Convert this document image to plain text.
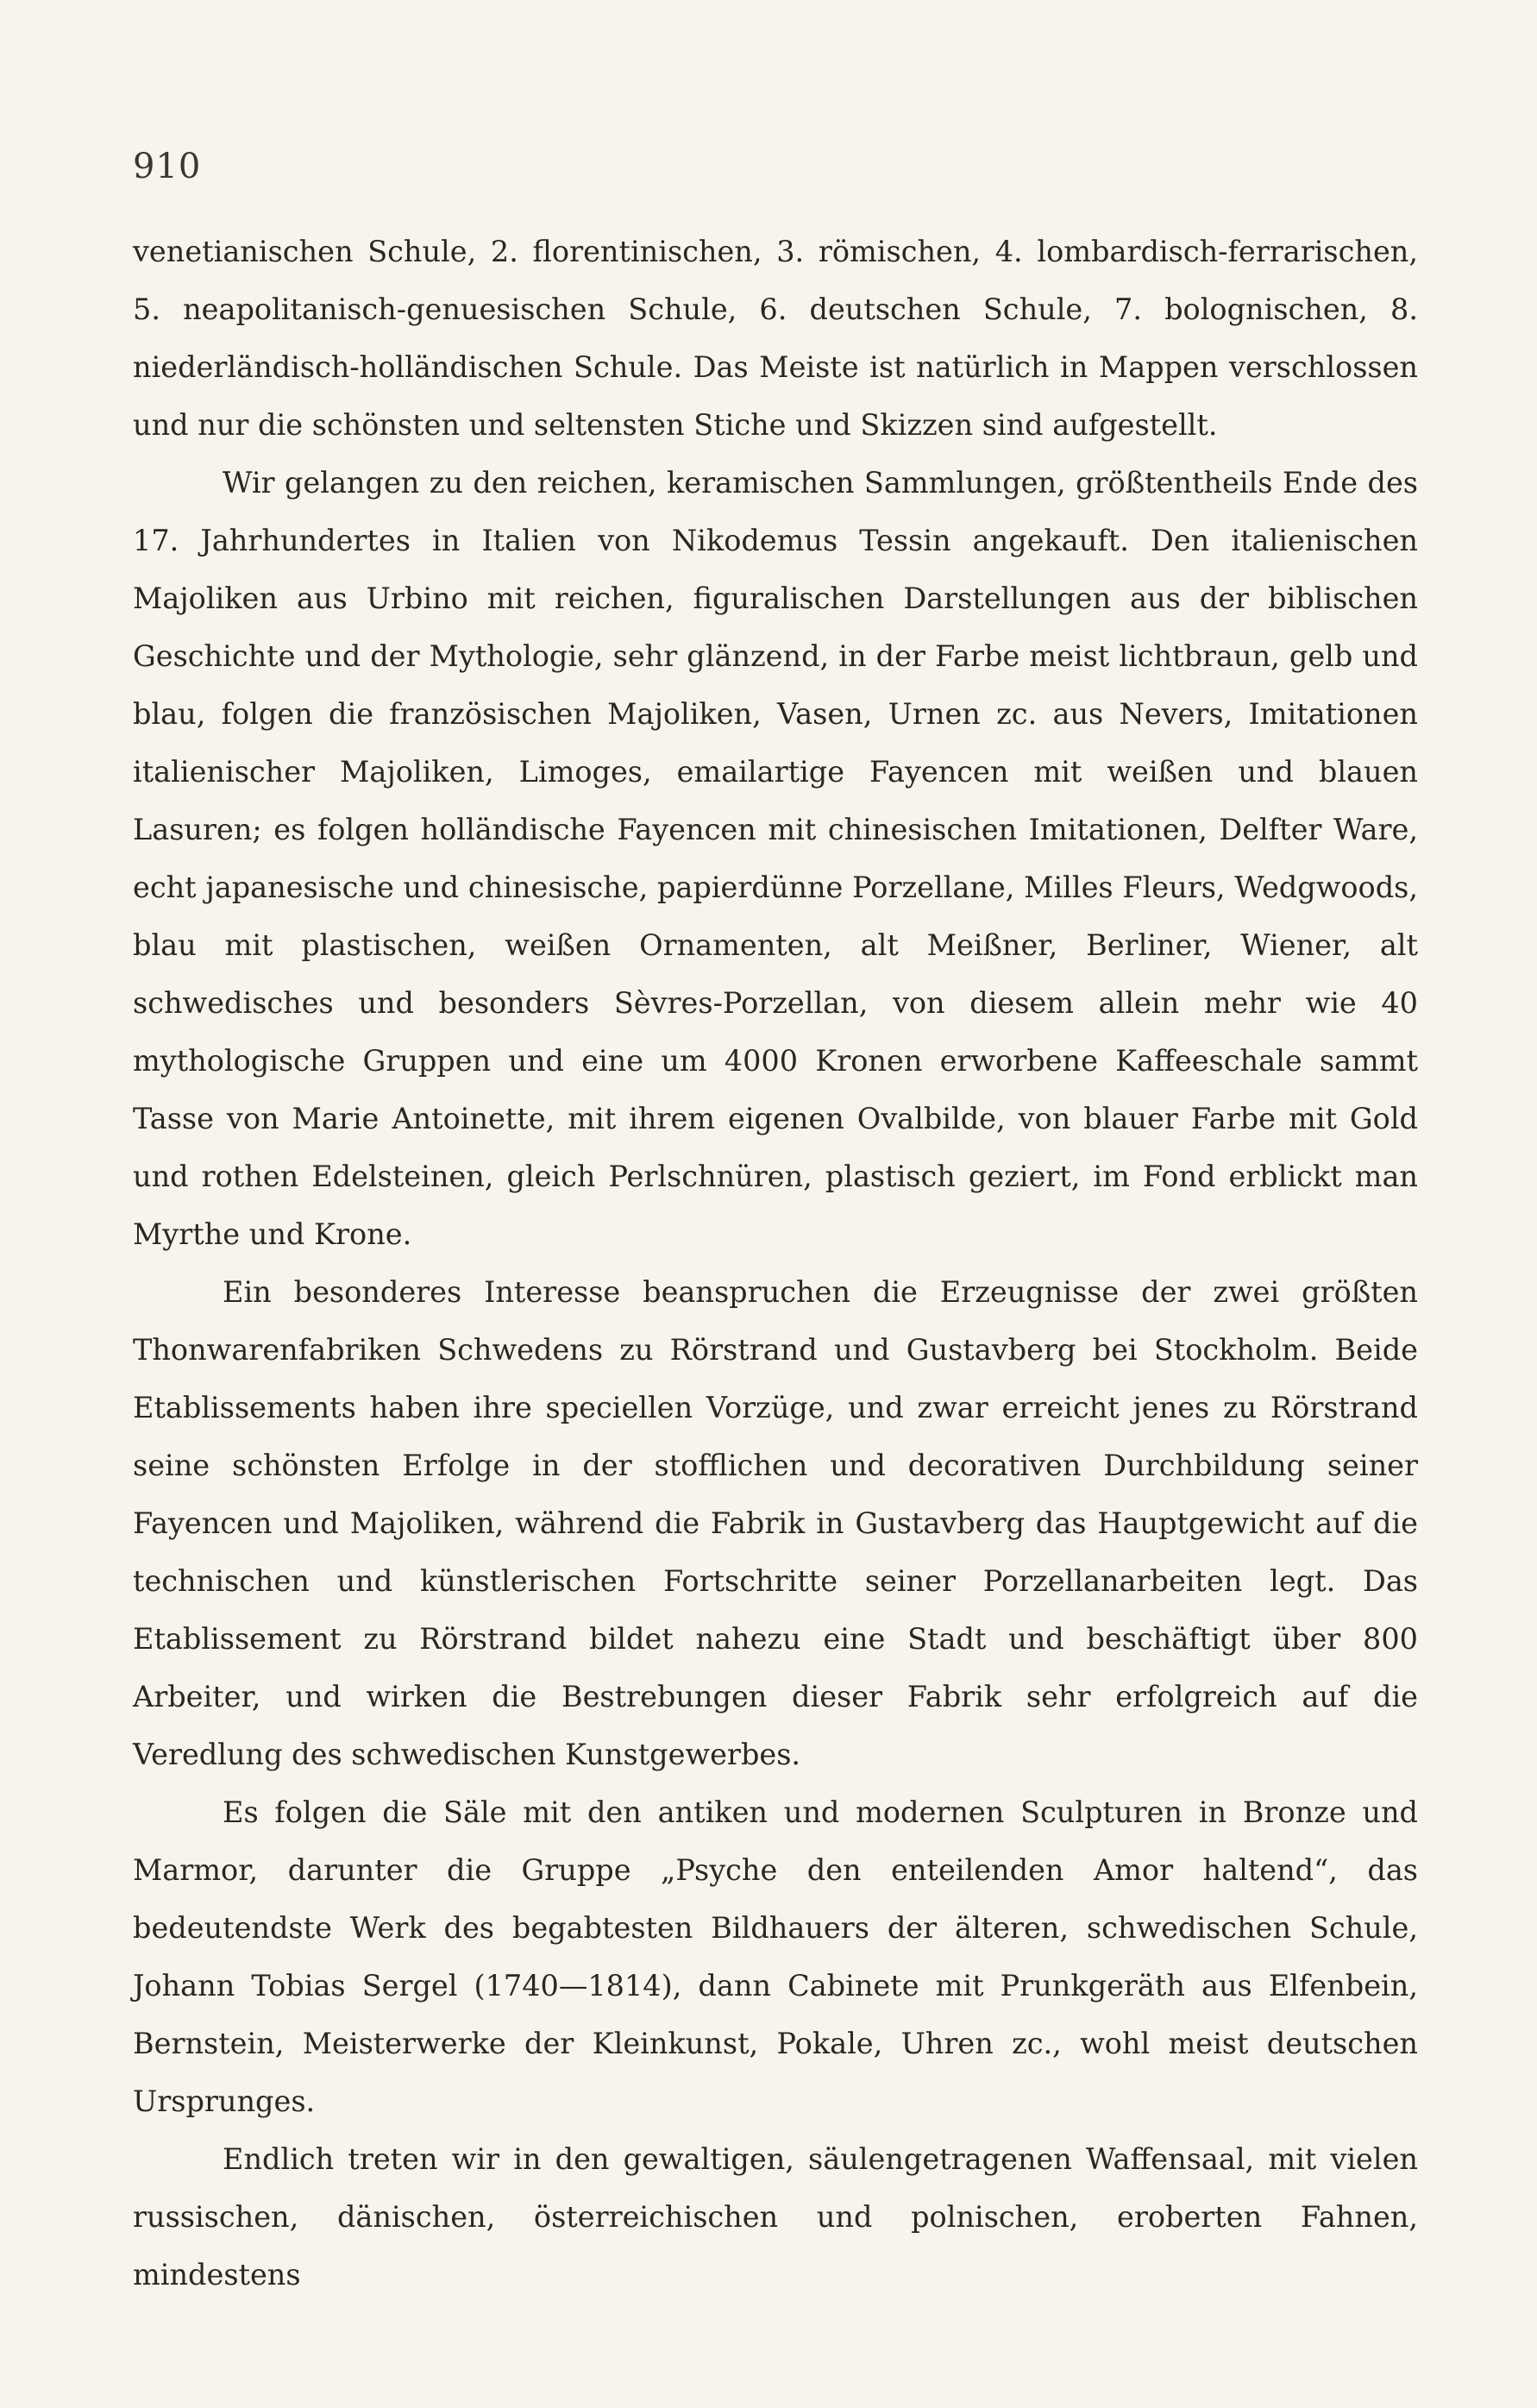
910

venetianischen Schule, 2. florentinischen, 3. römischen, 4. lombardisch-ferrarischen, 5. neapolitanisch-genuesischen Schule, 6. deutschen Schule, 7. bolognischen, 8. niederländisch-holländischen Schule. Das Meiste ist natürlich in Mappen verschlossen und nur die schönsten und seltensten Stiche und Skizzen sind aufgestellt.

Wir gelangen zu den reichen, keramischen Sammlungen, größtentheils Ende des 17. Jahrhundertes in Italien von Nikodemus Tessin angekauft. Den italienischen Majoliken aus Urbino mit reichen, figuralischen Darstellungen aus der biblischen Geschichte und der Mythologie, sehr glänzend, in der Farbe meist lichtbraun, gelb und blau, folgen die französischen Majoliken, Vasen, Urnen zc. aus Nevers, Imitationen italienischer Majoliken, Limoges, emailartige Fayencen mit weißen und blauen Lasuren; es folgen holländische Fayencen mit chinesischen Imitationen, Delfter Ware, echt japanesische und chinesische, papierdünne Porzellane, Milles Fleurs, Wedgwoods, blau mit plastischen, weißen Ornamenten, alt Meißner, Berliner, Wiener, alt schwedisches und besonders Sèvres-Porzellan, von diesem allein mehr wie 40 mythologische Gruppen und eine um 4000 Kronen erworbene Kaffeeschale sammt Tasse von Marie Antoinette, mit ihrem eigenen Ovalbilde, von blauer Farbe mit Gold und rothen Edelsteinen, gleich Perlschnüren, plastisch geziert, im Fond erblickt man Myrthe und Krone.

Ein besonderes Interesse beanspruchen die Erzeugnisse der zwei größten Thonwarenfabriken Schwedens zu Rörstrand und Gustavberg bei Stockholm. Beide Etablissements haben ihre speciellen Vorzüge, und zwar erreicht jenes zu Rörstrand seine schönsten Erfolge in der stofflichen und decorativen Durchbildung seiner Fayencen und Majoliken, während die Fabrik in Gustavberg das Hauptgewicht auf die technischen und künstlerischen Fortschritte seiner Porzellanarbeiten legt. Das Etablissement zu Rörstrand bildet nahezu eine Stadt und beschäftigt über 800 Arbeiter, und wirken die Bestrebungen dieser Fabrik sehr erfolgreich auf die Veredlung des schwedischen Kunstgewerbes.

Es folgen die Säle mit den antiken und modernen Sculpturen in Bronze und Marmor, darunter die Gruppe „Psyche den enteilenden Amor haltend“, das bedeutendste Werk des begabtesten Bildhauers der älteren, schwedischen Schule, Johann Tobias Sergel (1740—1814), dann Cabinete mit Prunkgeräth aus Elfenbein, Bernstein, Meisterwerke der Kleinkunst, Pokale, Uhren zc., wohl meist deutschen Ursprunges.

Endlich treten wir in den gewaltigen, säulengetragenen Waffensaal, mit vielen russischen, dänischen, österreichischen und polnischen, eroberten Fahnen, mindestens
